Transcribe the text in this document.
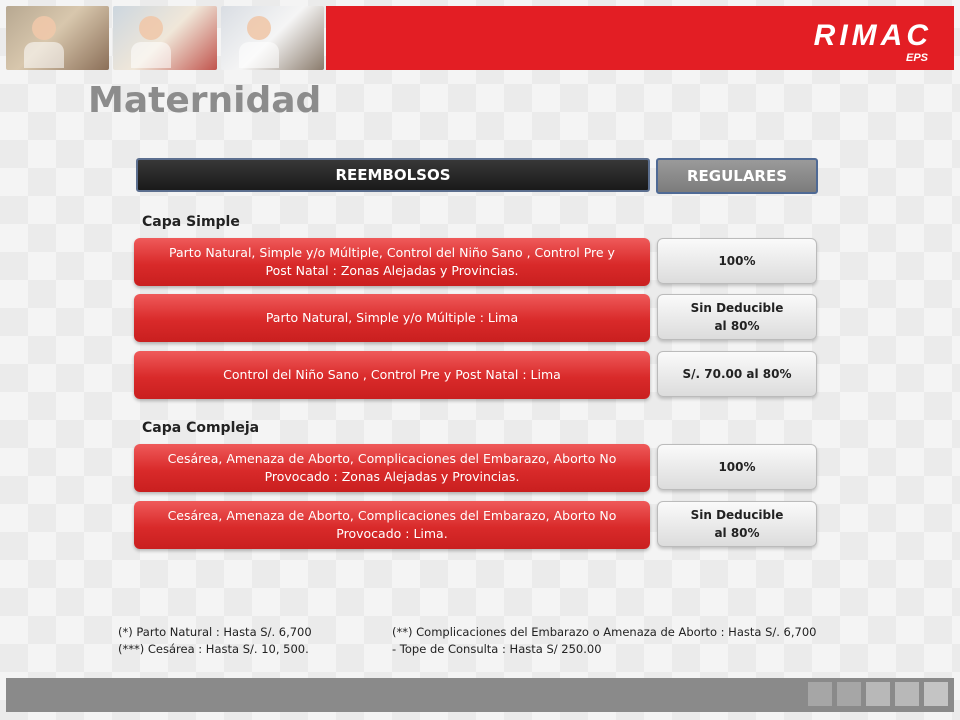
RIMAC
EPS
Maternidad
REEMBOLSOS	REGULARES
Capa Simple
Parto Natural, Simple y/o Múltiple, Control del Niño Sano , Control Pre y Post Natal : Zonas Alejadas y Provincias.
100%
Parto Natural, Simple y/o Múltiple : Lima
Sin Deducible
al 80%
Control del Niño Sano , Control Pre y Post Natal : Lima	S/. 70.00 al 80%
Capa Compleja
Cesárea, Amenaza de Aborto, Complicaciones del Embarazo, Aborto No Provocado : Zonas Alejadas y Provincias.
100%
Cesárea, Amenaza de Aborto, Complicaciones del Embarazo, Aborto No Provocado : Lima.
Sin Deducible
al 80%
(*) Parto Natural : Hasta S/. 6,700
(***) Cesárea : Hasta S/. 10, 500.
(**) Complicaciones del Embarazo o Amenaza de Aborto : Hasta S/. 6,700
- Tope de Consulta : Hasta S/ 250.00
